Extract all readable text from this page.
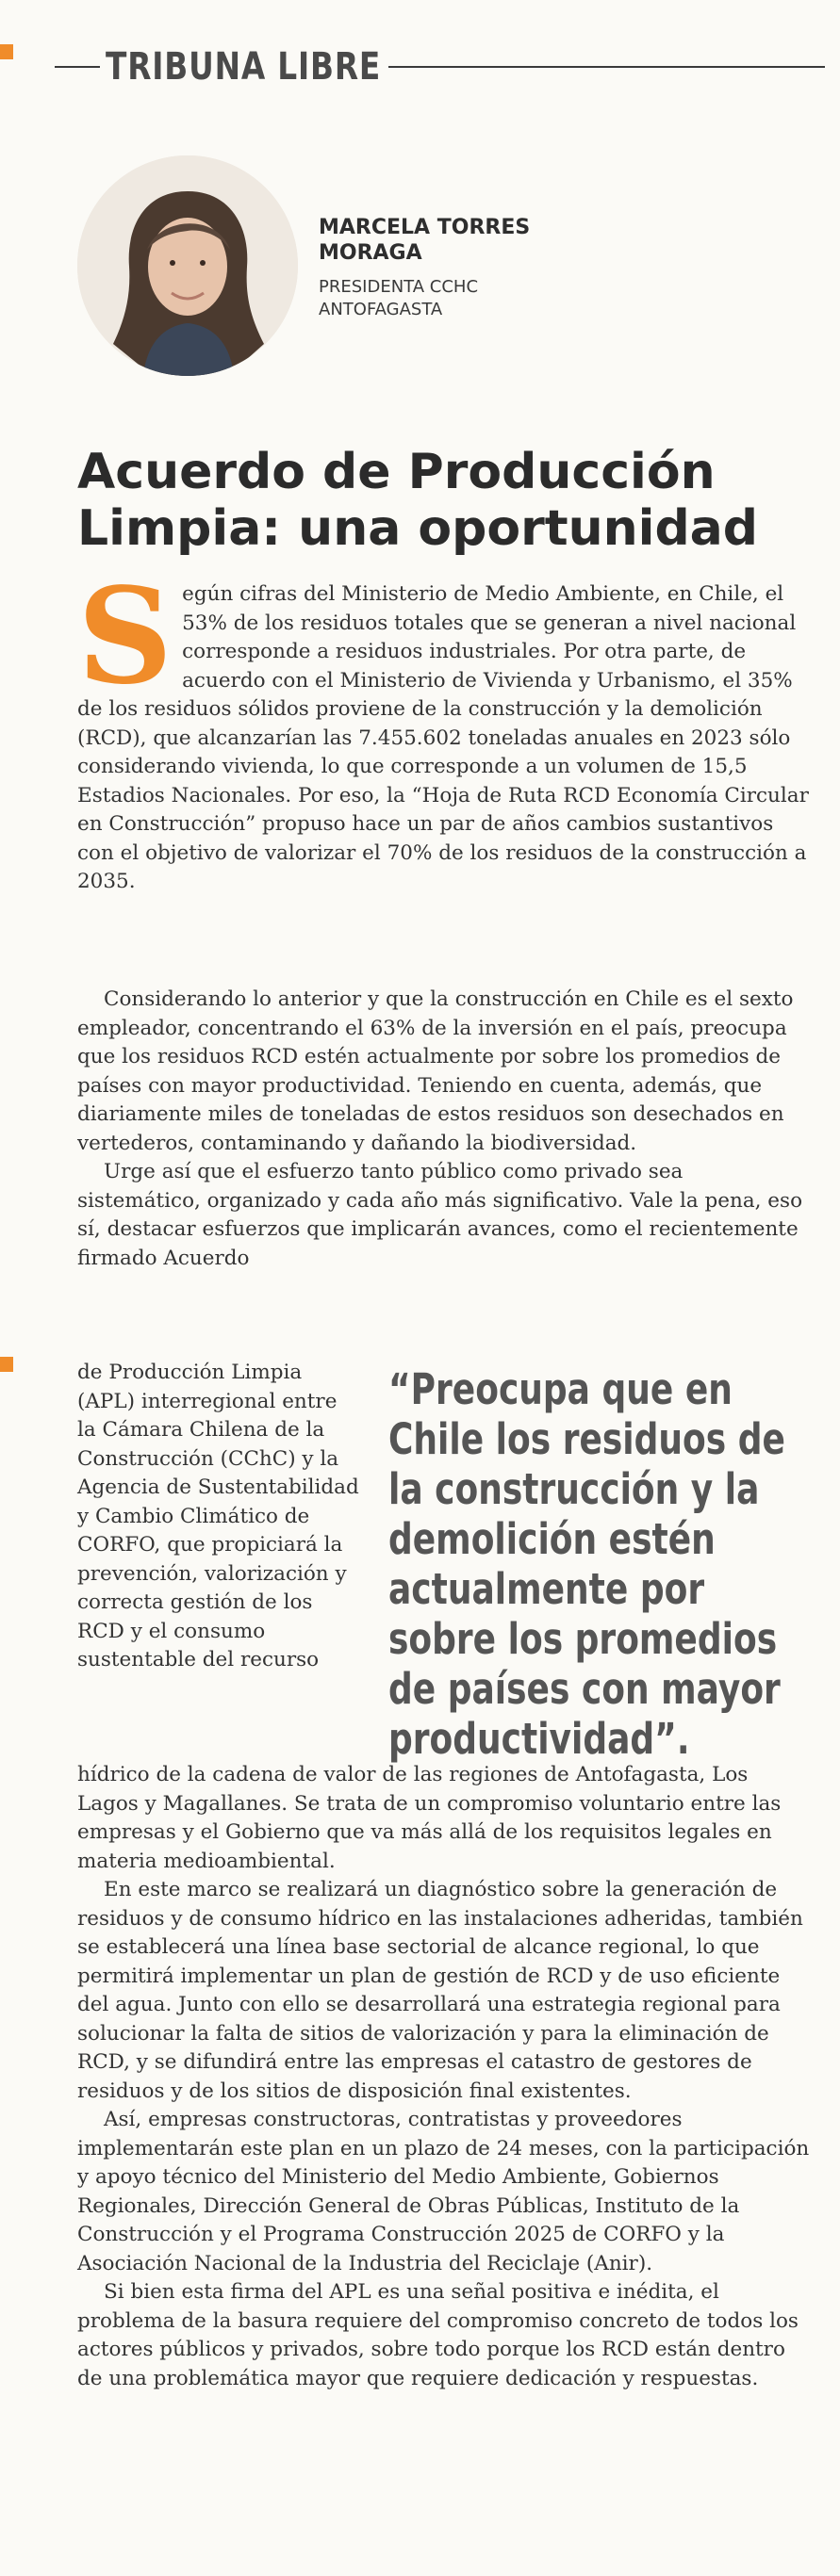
TRIBUNA LIBRE
MARCELA TORRES MORAGA
PRESIDENTA CCHC ANTOFAGASTA
Acuerdo de Producción Limpia: una oportunidad

Según cifras del Ministerio de Medio Ambiente, en Chile, el 53% de los residuos totales que se generan a nivel nacional corresponde a residuos industriales. Por otra parte, de acuerdo con el Ministerio de Vivienda y Urbanismo, el 35% de los residuos sólidos proviene de la construcción y la demolición (RCD), que alcanzarían las 7.455.602 toneladas anuales en 2023 sólo considerando vivienda, lo que corresponde a un volumen de 15,5 Estadios Nacionales. Por eso, la “Hoja de Ruta RCD Economía Circular en Construcción” propuso hace un par de años cambios sustantivos con el objetivo de valorizar el 70% de los residuos de la construcción a 2035.

Considerando lo anterior y que la construcción en Chile es el sexto empleador, concentrando el 63% de la inversión en el país, preocupa que los residuos RCD estén actualmente por sobre los promedios de países con mayor productividad. Teniendo en cuenta, además, que diariamente miles de toneladas de estos residuos son desechados en vertederos, contaminando y dañando la biodiversidad.

Urge así que el esfuerzo tanto público como privado sea sistemático, organizado y cada año más significativo. Vale la pena, eso sí, destacar esfuerzos que implicarán avances, como el recientemente firmado Acuerdo

de Producción Limpia (APL) interregional entre la Cámara Chilena de la Construcción (CChC) y la Agencia de Sustentabilidad y Cambio Climático de CORFO, que propiciará la prevención, valorización y correcta gestión de los RCD y el consumo sustentable del recurso

“Preocupa que en Chile los residuos de la construcción y la demolición estén actualmente por sobre los promedios de países con mayor productividad”.

hídrico de la cadena de valor de las regiones de Antofagasta, Los Lagos y Magallanes. Se trata de un compromiso voluntario entre las empresas y el Gobierno que va más allá de los requisitos legales en materia medioambiental.

En este marco se realizará un diagnóstico sobre la generación de residuos y de consumo hídrico en las instalaciones adheridas, también se establecerá una línea base sectorial de alcance regional, lo que permitirá implementar un plan de gestión de RCD y de uso eficiente del agua. Junto con ello se desarrollará una estrategia regional para solucionar la falta de sitios de valorización y para la eliminación de RCD, y se difundirá entre las empresas el catastro de gestores de residuos y de los sitios de disposición final existentes.

Así, empresas constructoras, contratistas y proveedores implementarán este plan en un plazo de 24 meses, con la participación y apoyo técnico del Ministerio del Medio Ambiente, Gobiernos Regionales, Dirección General de Obras Públicas, Instituto de la Construcción y el Programa Construcción 2025 de CORFO y la Asociación Nacional de la Industria del Reciclaje (Anir).

Si bien esta firma del APL es una señal positiva e inédita, el problema de la basura requiere del compromiso concreto de todos los actores públicos y privados, sobre todo porque los RCD están dentro de una problemática mayor que requiere dedicación y respuestas.
